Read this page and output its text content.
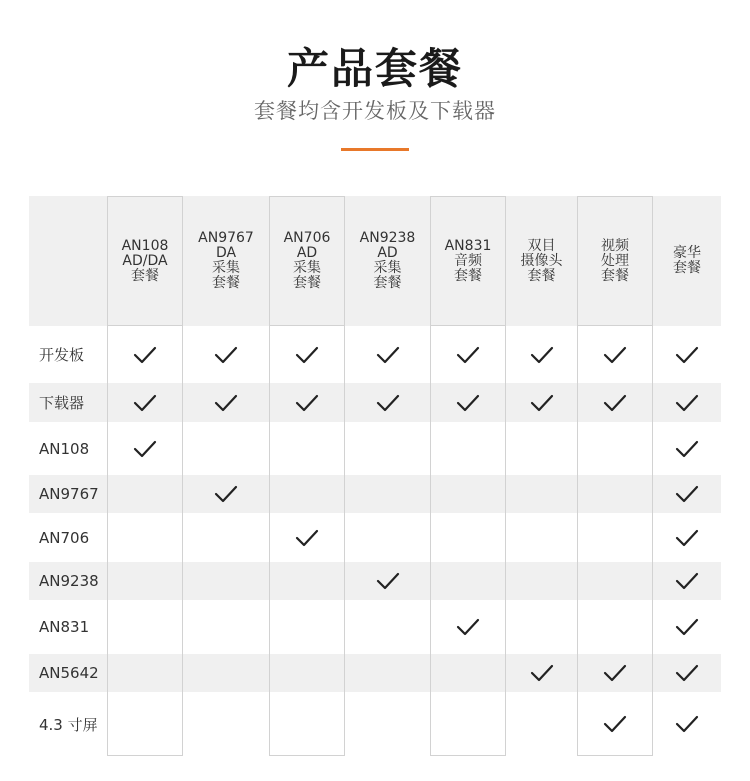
产品套餐
套餐均含开发板及下载器
AN108
AD/DA
套餐
AN9767
DA
采集
套餐
AN706
AD
采集
套餐
AN9238
AD
采集
套餐
AN831
音频
套餐
双目
摄像头
套餐
视频
处理
套餐
豪华
套餐
开发板
下载器
AN108
AN9767
AN706
AN9238
AN831
AN5642
4.3 寸屏
